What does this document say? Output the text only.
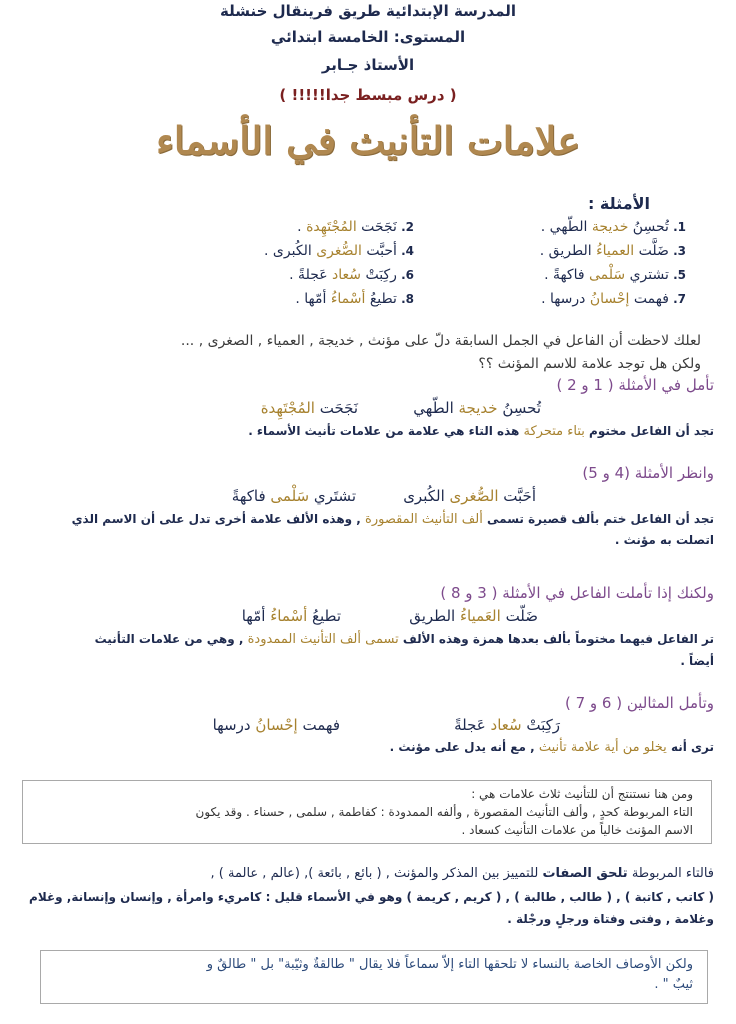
المدرسة الإبتدائية طريق فرينقال خنشلة
المستوى: الخامسة ابتدائي
الأستاذ جـابر
( درس مبسط جدا!!!!! )
علامات التأنيث في الأسماء
الأمثلة :
1. تُحسِنُ خديجة الطّهي .
2. نَجَحَت المُجْتَهِدة .
3. ضَلَّت العمياءُ الطريق .
4. أحبَّت الصُّغرى الكُبرى .
5. تشتري سَلْمى فاكهةً .
6. ركِبَتْ سُعاد عَجلةً .
7. فهمت إحْسانُ درسها .
8. تطيعُ أسْماءُ أمّها .
لعلك لاحظت أن الفاعل في الجمل السابقة دلّ على مؤنث , خديجة , العمياء , الصغرى , ...
ولكن هل توجد علامة للاسم المؤنث ؟؟
تأمل في الأمثلة ( 1 و 2 )
تُحسِنُ خديجة الطّهي
نَجَحَت المُجْتَهِدة
تجد أن الفاعل مختوم بتاء متحركة هذه التاء هي علامة من علامات تأنيث الأسماء .
وانظر الأمثلة (4 و 5)
أحَبَّت الصُّغرى الكُبرى
تشتَري سَلْمى فاكهةً
تجد أن الفاعل ختم بألف قصيرة تسمى ألف التأنيث المقصورة , وهذه الألف علامة أخرى تدل على أن الاسم الذي
اتصلت به مؤنث .
ولكنك إذا تأملت الفاعل في الأمثلة ( 3 و 8 )
ضَلّت العَمياءُ الطريق
تطيعُ أسْماءُ أمّها
تر الفاعل فيهما مختوماً بألف بعدها همزة وهذه الألف تسمى ألف التأنيث الممدودة , وهي من علامات التأنيث
أيضاً .
وتأمل المثالين ( 6 و 7 )
رَكِبَتْ سُعاد عَجلةً
فهمت إحْسانُ درسها
ترى أنه يخلو من أية علامة تأنيث , مع أنه يدل على مؤنث .
ومن هنا نستنتج أن للتأنيث ثلاث علامات هي :
التاء المربوطة كحدٍ , وألف التأنيث المقصورة , وألفه الممدودة : كفاطمة , سلمى , حسناء . وقد يكون
الاسم المؤنث خالياً من علامات التأنيث كسعاد .
فالتاء المربوطة تلحق الصفات للتمييز بين المذكر والمؤنث , ( بائع , بائعة ), (عالم , عالمة ) ,
( كاتب , كاتبة ) , ( طالب , طالبة ) , ( كريم , كريمة ) وهو في الأسماء قليل : كامريء وامرأة , وإنسان وإنسانة, وغلام
وغلامة , وفتى وفتاة ورجلٍ ورجْلة .
ولكن الأوصاف الخاصة بالنساء لا تلحقها التاء إلاّ سماعاً فلا يقال " طالقةٌ وثيّبة" بل " طالقٌ و
ثيبٌ " .
